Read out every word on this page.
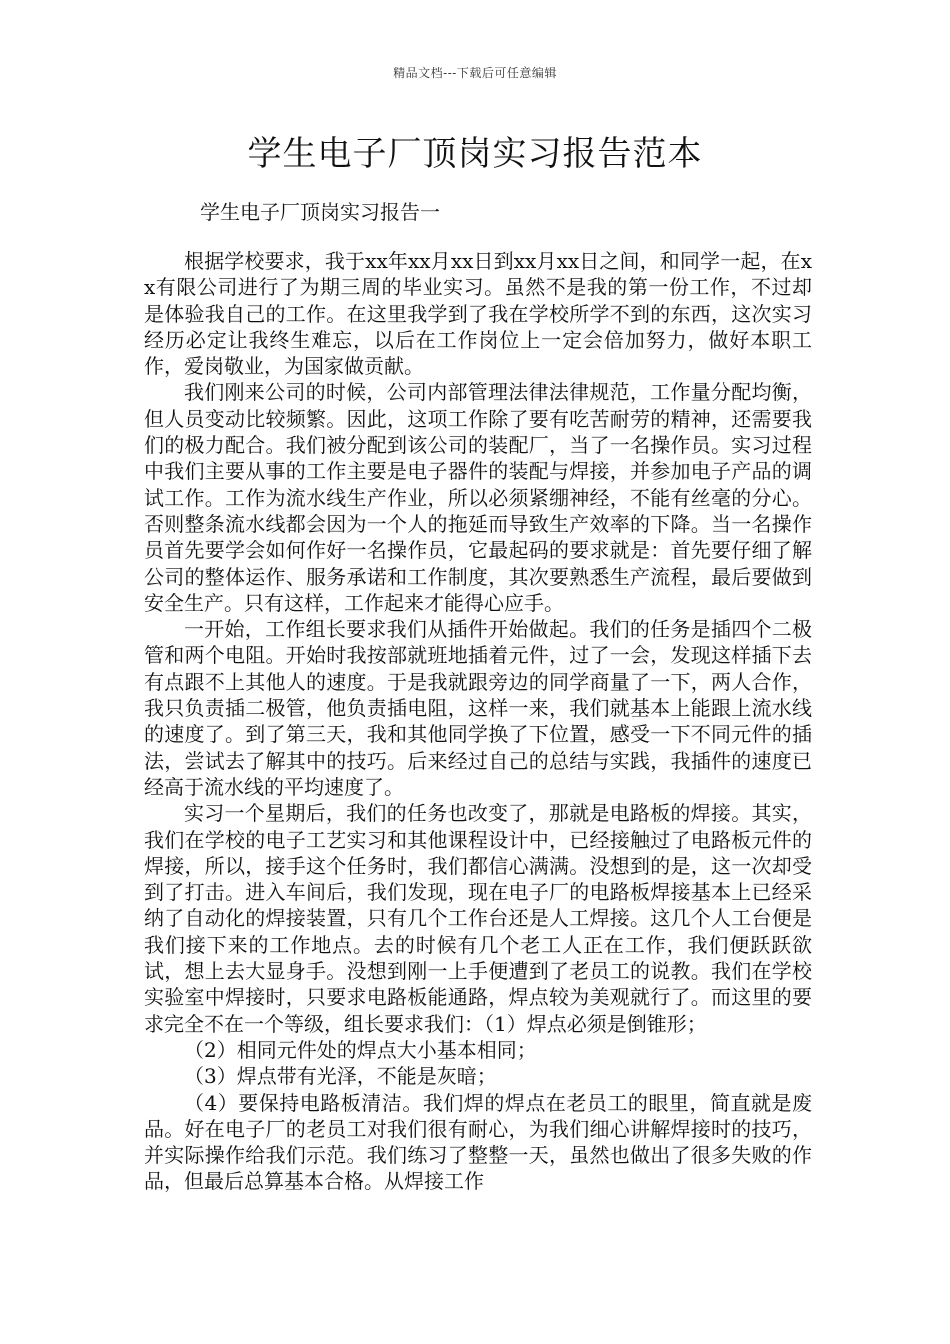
精品文档---下载后可任意编辑
学生电子厂顶岗实习报告范本
学生电子厂顶岗实习报告一

根据学校要求，我于xx年xx月xx日到xx月xx日之间，和同学一起，在xx有限公司进行了为期三周的毕业实习。虽然不是我的第一份工作，不过却是体验我自己的工作。在这里我学到了我在学校所学不到的东西，这次实习经历必定让我终生难忘，以后在工作岗位上一定会倍加努力，做好本职工作，爱岗敬业，为国家做贡献。

我们刚来公司的时候，公司内部管理法律法律规范，工作量分配均衡，但人员变动比较频繁。因此，这项工作除了要有吃苦耐劳的精神，还需要我们的极力配合。我们被分配到该公司的装配厂，当了一名操作员。实习过程中我们主要从事的工作主要是电子器件的装配与焊接，并参加电子产品的调试工作。工作为流水线生产作业，所以必须紧绷神经，不能有丝毫的分心。否则整条流水线都会因为一个人的拖延而导致生产效率的下降。当一名操作员首先要学会如何作好一名操作员，它最起码的要求就是：首先要仔细了解公司的整体运作、服务承诺和工作制度，其次要熟悉生产流程，最后要做到安全生产。只有这样，工作起来才能得心应手。

一开始，工作组长要求我们从插件开始做起。我们的任务是插四个二极管和两个电阻。开始时我按部就班地插着元件，过了一会，发现这样插下去有点跟不上其他人的速度。于是我就跟旁边的同学商量了一下，两人合作，我只负责插二极管，他负责插电阻，这样一来，我们就基本上能跟上流水线的速度了。到了第三天，我和其他同学换了下位置，感受一下不同元件的插法，尝试去了解其中的技巧。后来经过自己的总结与实践，我插件的速度已经高于流水线的平均速度了。

实习一个星期后，我们的任务也改变了，那就是电路板的焊接。其实，我们在学校的电子工艺实习和其他课程设计中，已经接触过了电路板元件的焊接，所以，接手这个任务时，我们都信心满满。没想到的是，这一次却受到了打击。进入车间后，我们发现，现在电子厂的电路板焊接基本上已经采纳了自动化的焊接装置，只有几个工作台还是人工焊接。这几个人工台便是我们接下来的工作地点。去的时候有几个老工人正在工作，我们便跃跃欲试，想上去大显身手。没想到刚一上手便遭到了老员工的说教。我们在学校实验室中焊接时，只要求电路板能通路，焊点较为美观就行了。而这里的要求完全不在一个等级，组长要求我们：（1）焊点必须是倒锥形；

（2）相同元件处的焊点大小基本相同；

（3）焊点带有光泽，不能是灰暗；

（4）要保持电路板清洁。我们焊的焊点在老员工的眼里，简直就是废品。好在电子厂的老员工对我们很有耐心，为我们细心讲解焊接时的技巧，并实际操作给我们示范。我们练习了整整一天，虽然也做出了很多失败的作品，但最后总算基本合格。从焊接工作
